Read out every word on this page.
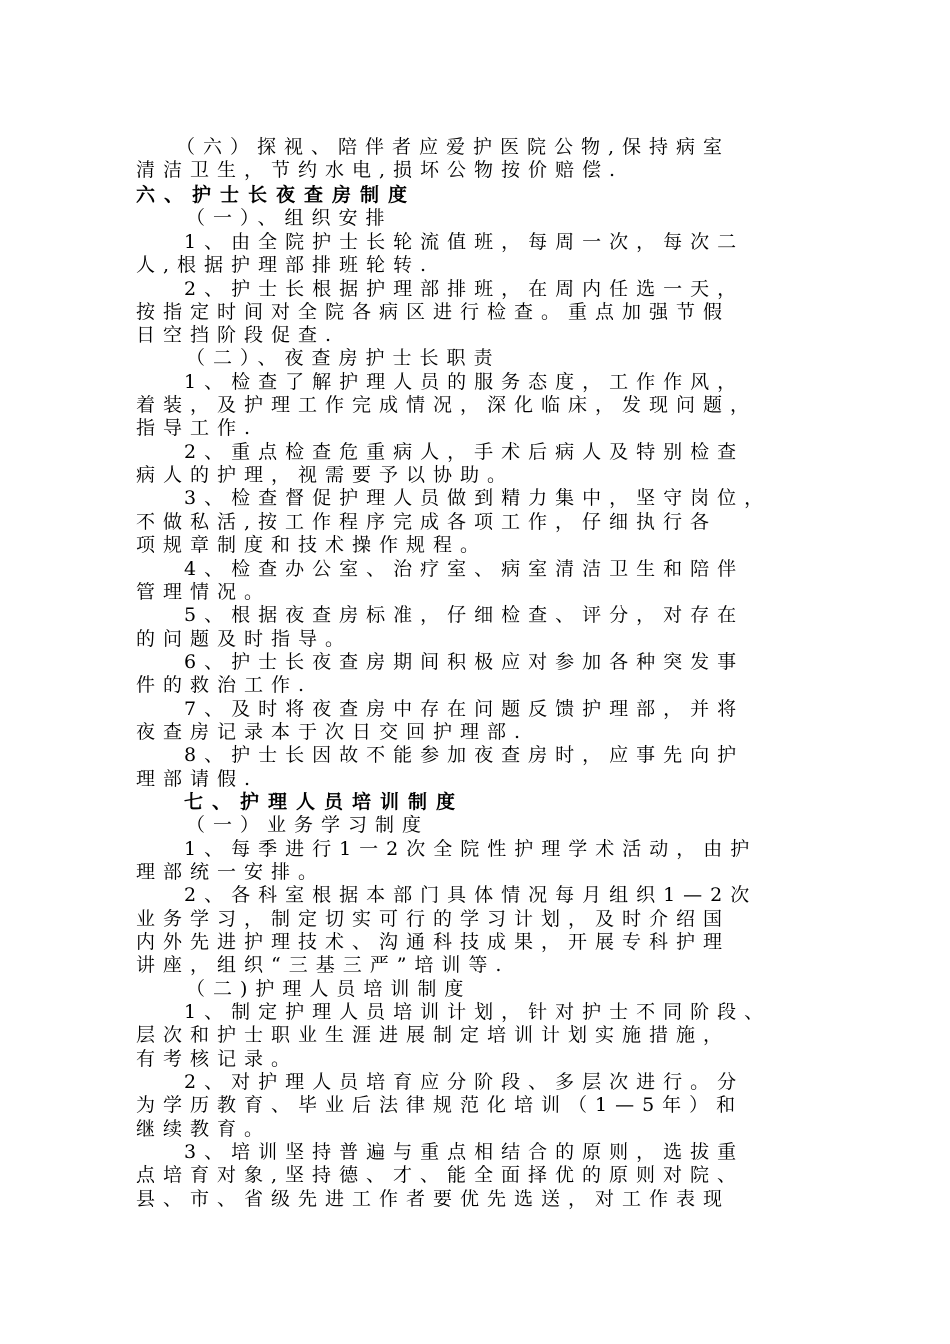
（六）探视、陪伴者应爱护医院公物,保持病室
清洁卫生，节约水电,损坏公物按价赔偿.
六、护士长夜查房制度
（一）、组织安排
1、由全院护士长轮流值班，每周一次，每次二
人,根据护理部排班轮转.
2、护士长根据护理部排班，在周内任选一天，
按指定时间对全院各病区进行检查。重点加强节假
日空挡阶段促查.
（二）、夜查房护士长职责
1、检查了解护理人员的服务态度，工作作风，
着装，及护理工作完成情况，深化临床，发现问题，
指导工作.
2、重点检查危重病人，手术后病人及特别检查
病人的护理，视需要予以协助。
3、检查督促护理人员做到精力集中，坚守岗位，
不做私活,按工作程序完成各项工作，仔细执行各
项规章制度和技术操作规程。
4、检查办公室、治疗室、病室清洁卫生和陪伴
管理情况。
5、根据夜查房标准，仔细检查、评分，对存在
的问题及时指导。
6、护士长夜查房期间积极应对参加各种突发事
件的救治工作.
7、及时将夜查房中存在问题反馈护理部，并将
夜查房记录本于次日交回护理部.
8、护士长因故不能参加夜查房时，应事先向护
理部请假.
七、护理人员培训制度
（一）业务学习制度
1、每季进行1一2次全院性护理学术活动，由护
理部统一安排。
2、各科室根据本部门具体情况每月组织1—2次
业务学习，制定切实可行的学习计划，及时介绍国
内外先进护理技术、沟通科技成果，开展专科护理
讲座，组织“三基三严”培训等.
（二)护理人员培训制度
1、制定护理人员培训计划，针对护士不同阶段、
层次和护士职业生涯进展制定培训计划实施措施，
有考核记录。
2、对护理人员培育应分阶段、多层次进行。分
为学历教育、毕业后法律规范化培训（1—5年）和
继续教育。
3、培训坚持普遍与重点相结合的原则，选拔重
点培育对象,坚持德、才、能全面择优的原则对院、
县、市、省级先进工作者要优先选送，对工作表现
